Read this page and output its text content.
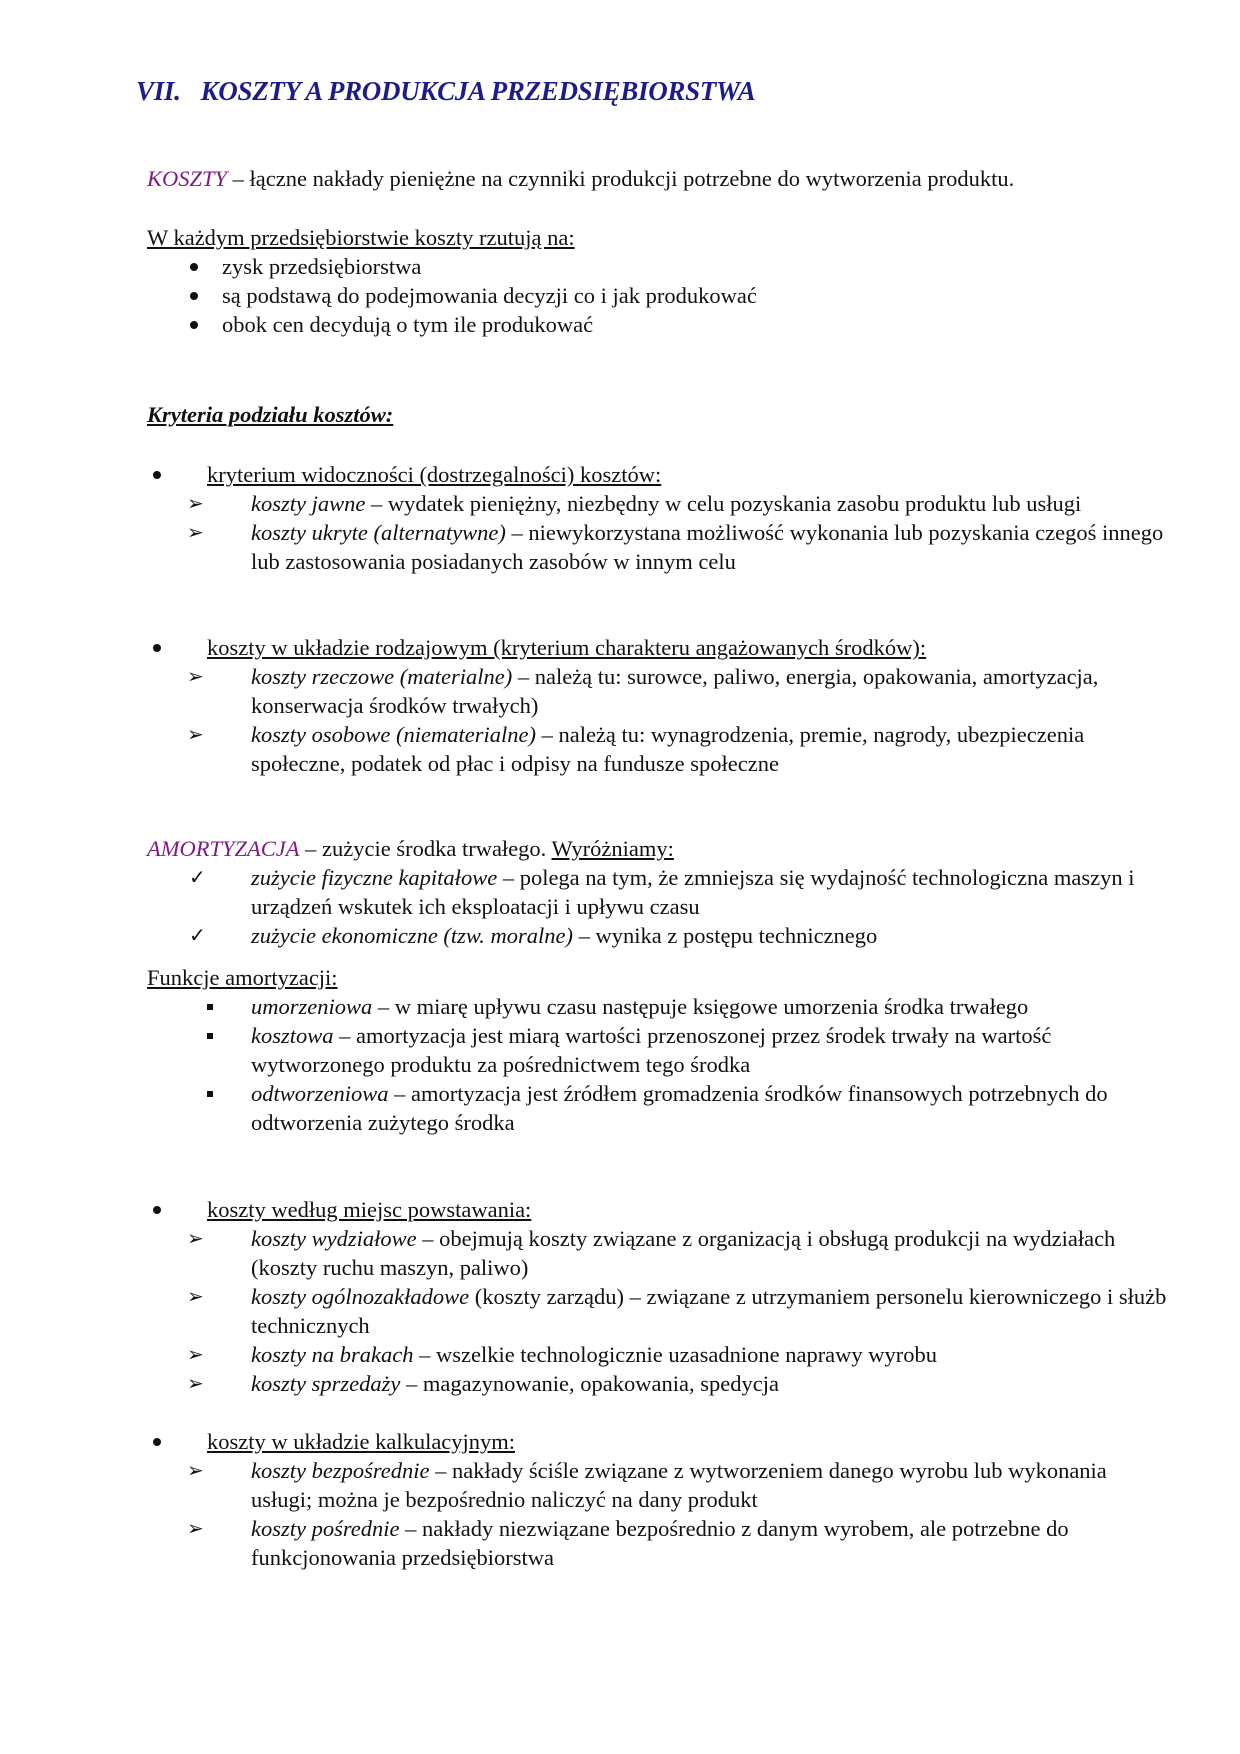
VII. KOSZTY A PRODUKCJA PRZEDSIĘBIORSTWA
KOSZTY – łączne nakłady pieniężne na czynniki produkcji potrzebne do wytworzenia produktu.

W każdym przedsiębiorstwie koszty rzutują na:

zysk przedsiębiorstwa
są podstawą do podejmowania decyzji co i jak produkować
obok cen decydują o tym ile produkować
Kryteria podziału kosztów:
kryterium widoczności (dostrzegalności) kosztów:
➢ koszty jawne – wydatek pieniężny, niezbędny w celu pozyskania zasobu produktu lub usługi
➢ koszty ukryte (alternatywne) – niewykorzystana możliwość wykonania lub pozyskania czegoś innego lub zastosowania posiadanych zasobów w innym celu
koszty w układzie rodzajowym (kryterium charakteru angażowanych środków):
➢ koszty rzeczowe (materialne) – należą tu: surowce, paliwo, energia, opakowania, amortyzacja, konserwacja środków trwałych)
➢ koszty osobowe (niematerialne) – należą tu: wynagrodzenia, premie, nagrody, ubezpieczenia społeczne, podatek od płac i odpisy na fundusze społeczne

AMORTYZACJA – zużycie środka trwałego. Wyróżniamy:

✓ zużycie fizyczne kapitałowe – polega na tym, że zmniejsza się wydajność technologiczna maszyn i urządzeń wskutek ich eksploatacji i upływu czasu
✓ zużycie ekonomiczne (tzw. moralne) – wynika z postępu technicznego

Funkcje amortyzacji:

umorzeniowa – w miarę upływu czasu następuje księgowe umorzenia środka trwałego
kosztowa – amortyzacja jest miarą wartości przenoszonej przez środek trwały na wartość wytworzonego produktu za pośrednictwem tego środka
odtworzeniowa – amortyzacja jest źródłem gromadzenia środków finansowych potrzebnych do odtworzenia zużytego środka
koszty według miejsc powstawania:
➢ koszty wydziałowe – obejmują koszty związane z organizacją i obsługą produkcji na wydziałach (koszty ruchu maszyn, paliwo)
➢ koszty ogólnozakładowe (koszty zarządu) – związane z utrzymaniem personelu kierowniczego i służb technicznych
➢ koszty na brakach – wszelkie technologicznie uzasadnione naprawy wyrobu
➢ koszty sprzedaży – magazynowanie, opakowania, spedycja
koszty w układzie kalkulacyjnym:
➢ koszty bezpośrednie – nakłady ściśle związane z wytworzeniem danego wyrobu lub wykonania usługi; można je bezpośrednio naliczyć na dany produkt
➢ koszty pośrednie – nakłady niezwiązane bezpośrednio z danym wyrobem, ale potrzebne do funkcjonowania przedsiębiorstwa
